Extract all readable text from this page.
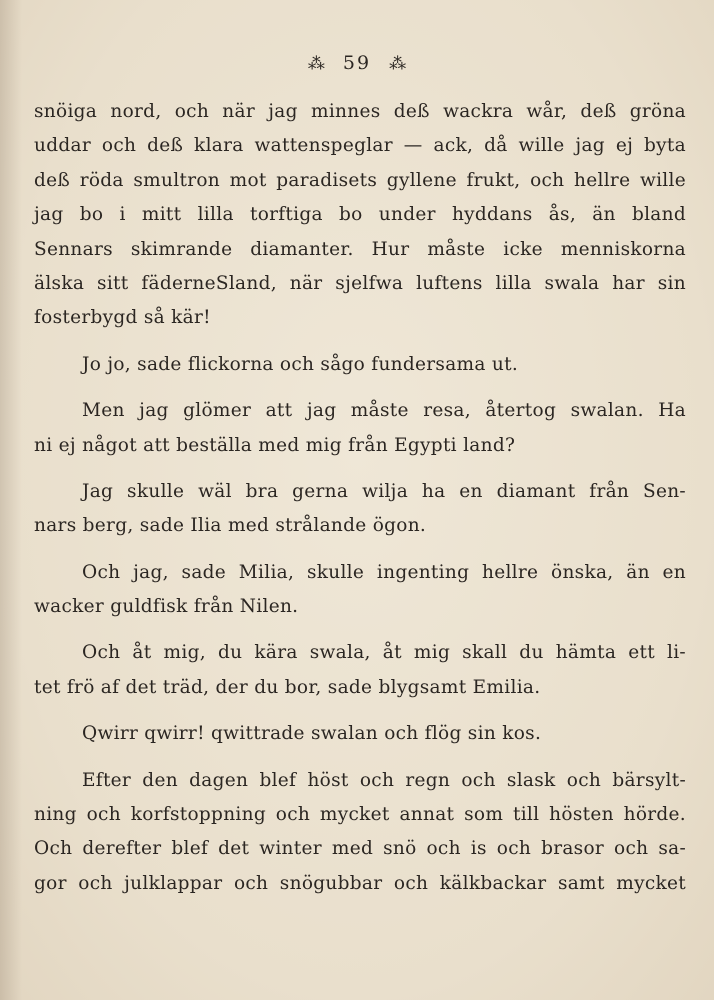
⁂ 59 ⁂
snöiga nord, och när jag minnes deß wackra wår, deß gröna
uddar och deß klara wattenspeglar — ack, då wille jag ej byta
deß röda smultron mot paradisets gyllene frukt, och hellre wille
jag bo i mitt lilla torftiga bo under hyddans ås, än bland
Sennars skimrande diamanter. Hur måste icke menniskorna
älska sitt fäderneSland, när sjelfwa luftens lilla swala har sin
fosterbygd så kär!
Jo jo, sade flickorna och sågo fundersama ut.
Men jag glömer att jag måste resa, återtog swalan. Ha
ni ej något att beställa med mig från Egypti land?
Jag skulle wäl bra gerna wilja ha en diamant från Sen-
nars berg, sade Ilia med strålande ögon.
Och jag, sade Milia, skulle ingenting hellre önska, än en
wacker guldfisk från Nilen.
Och åt mig, du kära swala, åt mig skall du hämta ett li-
tet frö af det träd, der du bor, sade blygsamt Emilia.
Qwirr qwirr! qwittrade swalan och flög sin kos.
Efter den dagen blef höst och regn och slask och bärsylt-
ning och korfstoppning och mycket annat som till hösten hörde.
Och derefter blef det winter med snö och is och brasor och sa-
gor och julklappar och snögubbar och kälkbackar samt mycket
